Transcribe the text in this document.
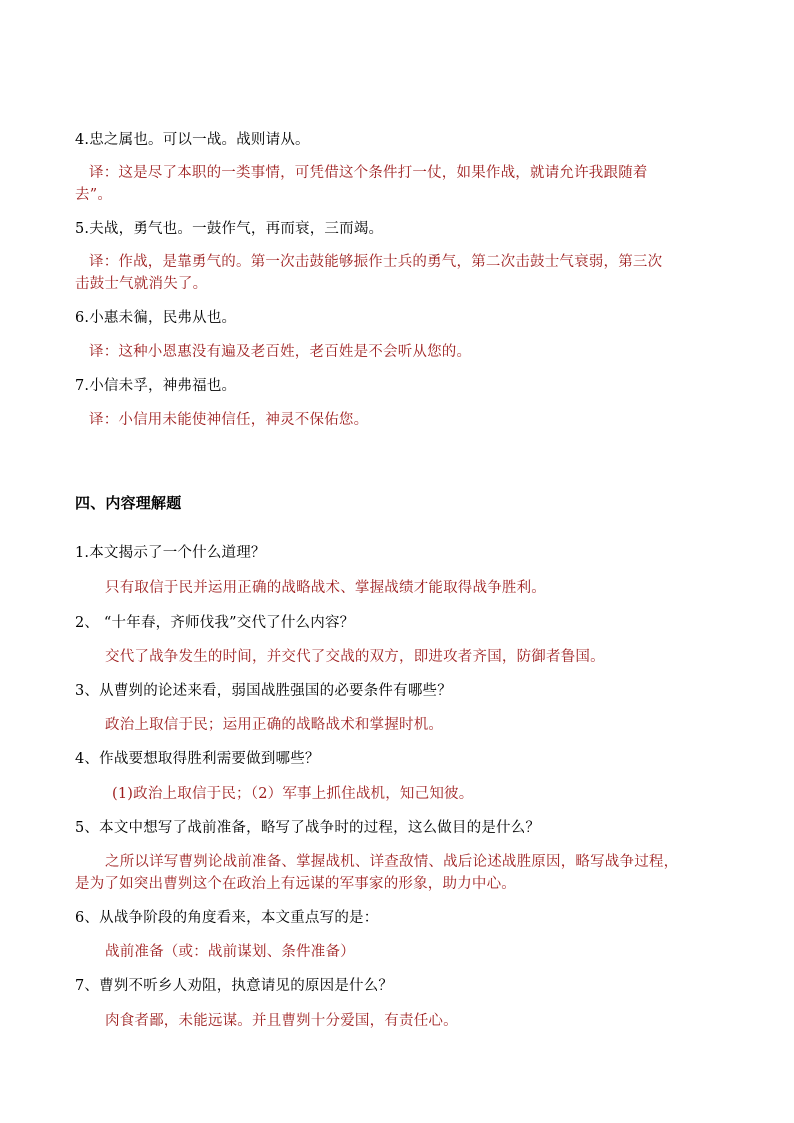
4.忠之属也。可以一战。战则请从。
译：这是尽了本职的一类事情，可凭借这个条件打一仗，如果作战，就请允许我跟随着
去”。
5.夫战，勇气也。一鼓作气，再而衰，三而竭。
译：作战，是靠勇气的。第一次击鼓能够振作士兵的勇气，第二次击鼓士气衰弱，第三次
击鼓士气就消失了。
6.小惠未徧，民弗从也。
译：这种小恩惠没有遍及老百姓，老百姓是不会听从您的。
7.小信未孚，神弗福也。
译：小信用未能使神信任，神灵不保佑您。
四、内容理解题
1.本文揭示了一个什么道理？
只有取信于民并运用正确的战略战术、掌握战绩才能取得战争胜利。
2、 “十年春，齐师伐我”交代了什么内容？
交代了战争发生的时间，并交代了交战的双方，即进攻者齐国，防御者鲁国。
3、从曹刿的论述来看，弱国战胜强国的必要条件有哪些？
政治上取信于民；运用正确的战略战术和掌握时机。
4、作战要想取得胜利需要做到哪些？
(1)政治上取信于民；（2）军事上抓住战机，知己知彼。
5、本文中想写了战前准备，略写了战争时的过程，这么做目的是什么？
之所以详写曹刿论战前准备、掌握战机、详查敌情、战后论述战胜原因，略写战争过程，
是为了如突出曹刿这个在政治上有远谋的军事家的形象，助力中心。
6、从战争阶段的角度看来，本文重点写的是：
战前准备（或：战前谋划、条件准备）
7、曹刿不听乡人劝阻，执意请见的原因是什么？
肉食者鄙，未能远谋。并且曹刿十分爱国，有责任心。
